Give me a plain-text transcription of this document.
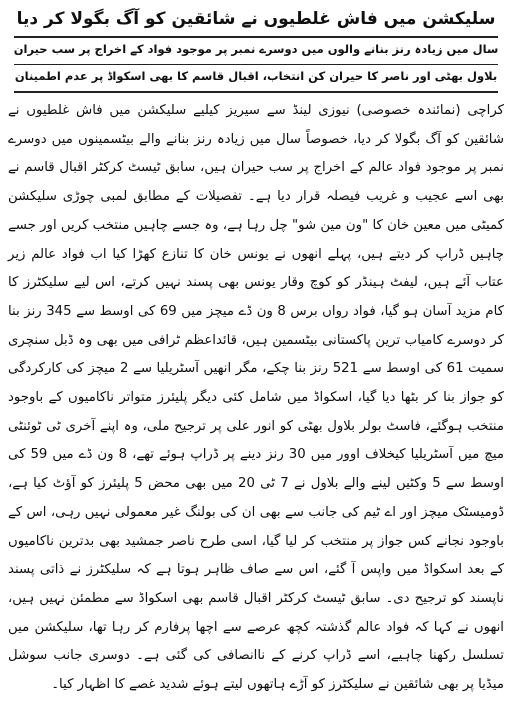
سلیکشن میں فاش غلطیوں نے شائقین کو آگ بگولا کر دیا
سال میں زیادہ رنز بنانے والوں میں دوسرے نمبر پر موجود فواد کے اخراج پر سب حیران
بلاول بھٹی اور ناصر کا حیران کن انتخاب، اقبال قاسم کا بھی اسکواڈ پر عدم اطمینان

کراچی (نمائندہ خصوصی) نیوزی لینڈ سے سیریز کیلیے سلیکشن میں فاش غلطیوں نے شائقین کو آگ بگولا کر دیا، خصوصاً سال میں زیادہ رنز بنانے والے بیٹسمینوں میں دوسرے نمبر پر موجود فواد عالم کے اخراج پر سب حیران ہیں، سابق ٹیسٹ کرکٹر اقبال قاسم نے بھی اسے عجیب و غریب فیصلہ قرار دیا ہے۔ تفصیلات کے مطابق لمبی چوڑی سلیکشن کمیٹی میں معین خان کا "ون مین شو" چل رہا ہے، وہ جسے چاہیں منتخب کریں اور جسے چاہیں ڈراپ کر دیتے ہیں، پہلے انھوں نے یونس خان کا تنازع کھڑا کیا اب فواد عالم زیر عتاب آئے ہیں، لیفٹ ہینڈر کو کوچ وقار یونس بھی پسند نہیں کرتے، اس لیے سلیکٹرز کا کام مزید آسان ہو گیا، فواد رواں برس 8 ون ڈے میچز میں 69 کی اوسط سے 345 رنز بنا کر دوسرے کامیاب ترین پاکستانی بیٹسمین ہیں، قائداعظم ٹرافی میں بھی وہ ڈبل سنچری سمیت 61 کی اوسط سے 521 رنز بنا چکے، مگر انھیں آسٹریلیا سے 2 میچز کی کارکردگی کو جواز بنا کر بٹھا دیا گیا، اسکواڈ میں شامل کئی دیگر پلیئرز متواتر ناکامیوں کے باوجود منتخب ہوگئے، فاسٹ بولر بلاول بھٹی کو انور علی پر ترجیح ملی، وہ اپنے آخری ٹی ٹوئنٹی میچ میں آسٹریلیا کیخلاف اوور میں 30 رنز دینے پر ڈراپ ہوئے تھے، 8 ون ڈے میں 59 کی اوسط سے 5 وکٹیں لینے والے بلاول نے 7 ٹی 20 میں بھی محض 5 پلیئرز کو آؤٹ کیا ہے، ڈومیسٹک میچز اور اے ٹیم کی جانب سے بھی ان کی بولنگ غیر معمولی نہیں رہی، اس کے باوجود نجانے کس جواز پر منتخب کر لیا گیا، اسی طرح ناصر جمشید بھی بدترین ناکامیوں کے بعد اسکواڈ میں واپس آ گئے، اس سے صاف ظاہر ہوتا ہے کہ سلیکٹرز نے ذاتی پسند ناپسند کو ترجیح دی۔ سابق ٹیسٹ کرکٹر اقبال قاسم بھی اسکواڈ سے مطمئن نہیں ہیں، انھوں نے کہا کہ فواد عالم گذشتہ کچھ عرصے سے اچھا پرفارم کر رہا تھا، سلیکشن میں تسلسل رکھنا چاہیے، اسے ڈراپ کرنے کے ناانصافی کی گئی ہے۔ دوسری جانب سوشل میڈیا پر بھی شائقین نے سلیکٹرز کو آڑے ہاتھوں لیتے ہوئے شدید غصے کا اظہار کیا۔
